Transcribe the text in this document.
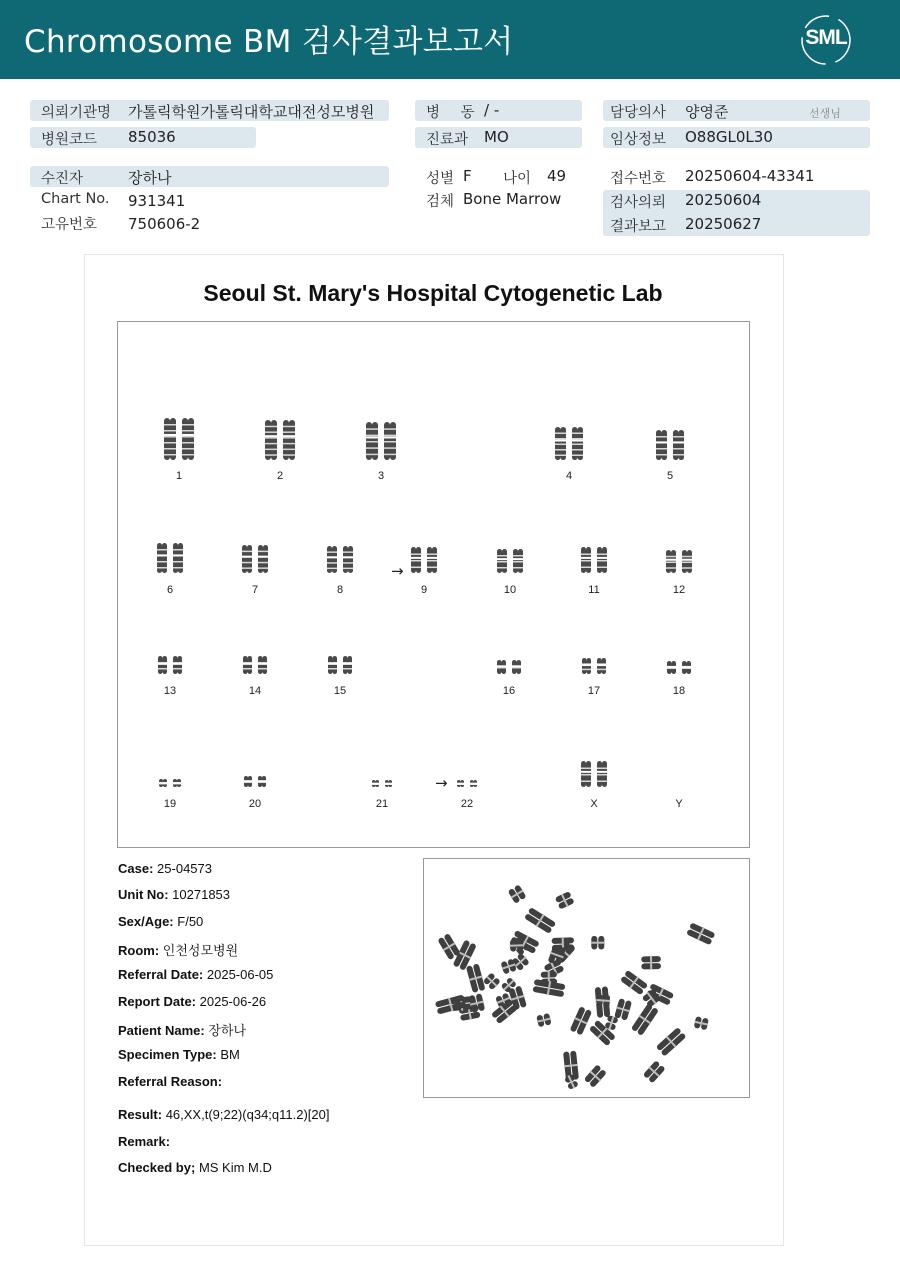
Chromosome BM 검사결과보고서	SML
의뢰기관명 가톨릭학원가톨릭대학교대전성모병원
병원코드 85036
병 동 / -
진료과 MO
담당의사 양영준	선생님
임상정보 O88GL0L30
수진자	장하나
Chart No. 931341
고유번호 750606-2
성별 F 나이 49
검체 Bone Marrow
접수번호 20250604-43341
검사의뢰 20250604
결과보고 20250627
Seoul St. Mary's Hospital Cytogenetic Lab
1	2	3	4	5
6	7	8	9	10	11	12
13	14	15	16	17	18
19	20	21	22	X	Y
→
→
Case: 25-04573
Unit No: 10271853
Sex/Age: F/50
Room: 인천성모병원
Referral Date: 2025-06-05
Report Date: 2025-06-26
Patient Name: 장하나
Specimen Type: BM
Referral Reason:
Result: 46,XX,t(9;22)(q34;q11.2)[20]
Remark:
Checked by; MS Kim M.D
